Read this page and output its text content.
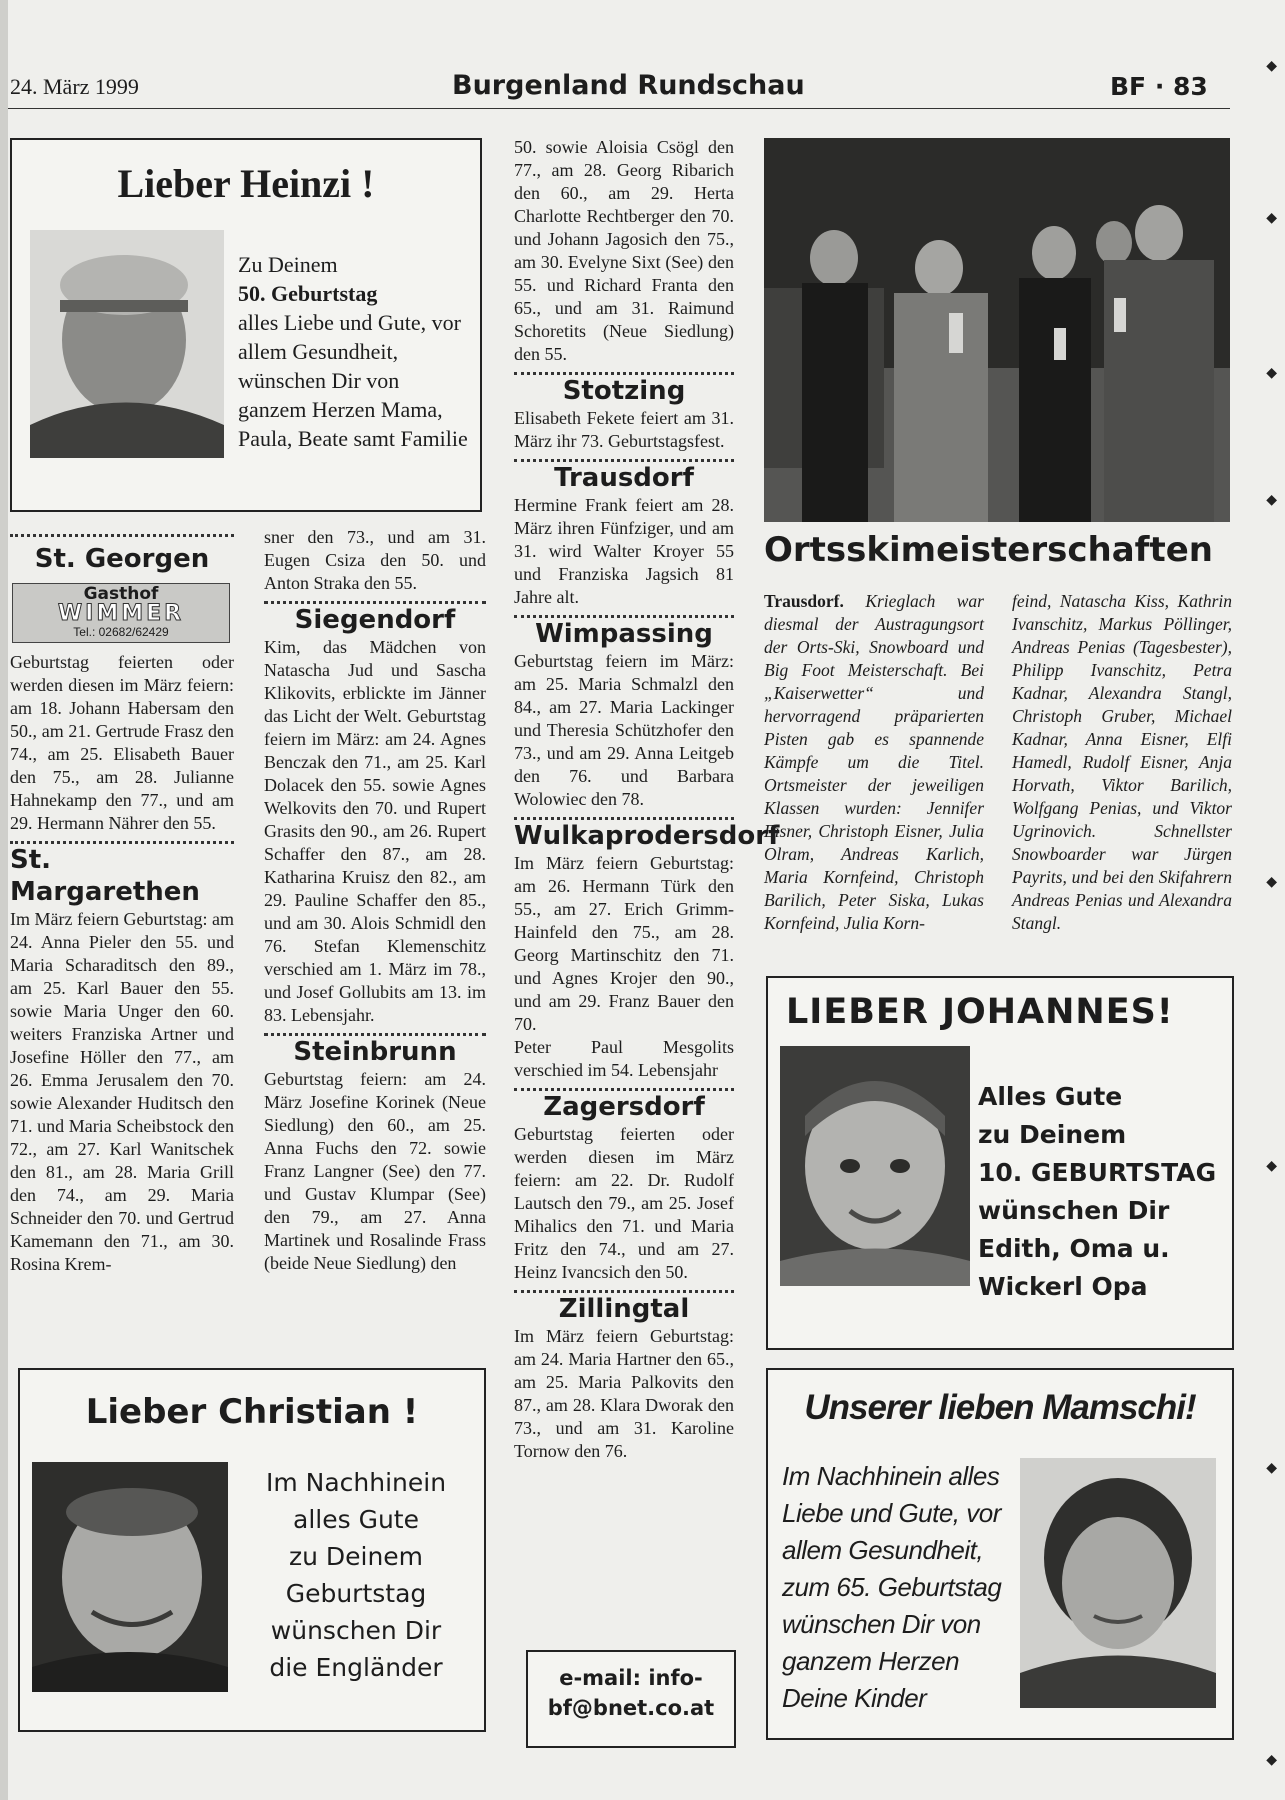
24. März 1999	Burgenland Rundschau	BF · 83
◆
◆
◆
◆
◆
◆
◆
◆
Lieber Heinzi !

Zu Deinem

50. Geburtstag

alles Liebe und Gute, vor allem Gesundheit, wünschen Dir von ganzem Herzen Mama, Paula, Beate samt Familie

St. Georgen
Gasthof
WIMMER
Tel.: 02682/62429

Geburtstag feierten oder werden diesen im März feiern: am 18. Johann Habersam den 50., am 21. Gertrude Frasz den 74., am 25. Elisabeth Bauer den 75., am 28. Julianne Hahnekamp den 77., und am 29. Hermann Nährer den 55.

St. Margarethen

Im März feiern Geburtstag: am 24. Anna Pieler den 55. und Maria Scharaditsch den 89., am 25. Karl Bauer den 55. sowie Maria Unger den 60. weiters Franziska Artner und Josefine Höller den 77., am 26. Emma Jerusalem den 70. sowie Alexander Huditsch den 71. und Maria Scheibstock den 72., am 27. Karl Wanitschek den 81., am 28. Maria Grill den 74., am 29. Maria Schneider den 70. und Gertrud Kamemann den 71., am 30. Rosina Krem-

sner den 73., und am 31. Eugen Csiza den 50. und Anton Straka den 55.

Siegendorf

Kim, das Mädchen von Natascha Jud und Sascha Klikovits, erblickte im Jänner das Licht der Welt. Geburtstag feiern im März: am 24. Agnes Benczak den 71., am 25. Karl Dolacek den 55. sowie Agnes Welkovits den 70. und Rupert Grasits den 90., am 26. Rupert Schaffer den 87., am 28. Katharina Kruisz den 82., am 29. Pauline Schaffer den 85., und am 30. Alois Schmidl den 76. Stefan Klemenschitz verschied am 1. März im 78., und Josef Gollubits am 13. im 83. Lebensjahr.

Steinbrunn

Geburtstag feiern: am 24. März Josefine Korinek (Neue Siedlung) den 60., am 25. Anna Fuchs den 72. sowie Franz Langner (See) den 77. und Gustav Klumpar (See) den 79., am 27. Anna Martinek und Rosalinde Frass (beide Neue Siedlung) den

Lieber Christian !

Im Nachhinein

alles Gute

zu Deinem

Geburtstag

wünschen Dir

die Engländer

50. sowie Aloisia Csögl den 77., am 28. Georg Ribarich den 60., am 29. Herta Charlotte Rechtberger den 70. und Johann Jagosich den 75., am 30. Evelyne Sixt (See) den 55. und Richard Franta den 65., und am 31. Raimund Schoretits (Neue Siedlung) den 55.

Stotzing

Elisabeth Fekete feiert am 31. März ihr 73. Geburtstagsfest.

Trausdorf

Hermine Frank feiert am 28. März ihren Fünfziger, und am 31. wird Walter Kroyer 55 und Franziska Jagsich 81 Jahre alt.

Wimpassing

Geburtstag feiern im März: am 25. Maria Schmalzl den 84., am 27. Maria Lackinger und Theresia Schützhofer den 73., und am 29. Anna Leitgeb den 76. und Barbara Wolowiec den 78.

Wulkaprodersdorf

Im März feiern Geburtstag: am 26. Hermann Türk den 55., am 27. Erich Grimm-Hainfeld den 75., am 28. Georg Martinschitz den 71. und Agnes Krojer den 90., und am 29. Franz Bauer den 70.

Peter Paul Mesgolits verschied im 54. Lebensjahr

Zagersdorf

Geburtstag feierten oder werden diesen im März feiern: am 22. Dr. Rudolf Lautsch den 79., am 25. Josef Mihalics den 71. und Maria Fritz den 74., und am 27. Heinz Ivancsich den 50.

Zillingtal

Im März feiern Geburtstag: am 24. Maria Hartner den 65., am 25. Maria Palkovits den 87., am 28. Klara Dworak den 73., und am 31. Karoline Tornow den 76.

e-mail: info-
bf@bnet.co.at
Ortsskimeisterschaften
Trausdorf. Krieglach war diesmal der Austragungsort der Orts-Ski, Snowboard und Big Foot Meisterschaft. Bei „Kaiserwetter“ und hervorragend präparierten Pisten gab es spannende Kämpfe um die Titel. Ortsmeister der jeweiligen Klassen wurden: Jennifer Eisner, Christoph Eisner, Julia Olram, Andreas Karlich, Maria Kornfeind, Christoph Barilich, Peter Siska, Lukas Kornfeind, Julia Korn-
feind, Natascha Kiss, Kathrin Ivanschitz, Markus Pöllinger, Andreas Penias (Tagesbester), Philipp Ivanschitz, Petra Kadnar, Alexandra Stangl, Christoph Gruber, Michael Kadnar, Anna Eisner, Elfi Hamedl, Rudolf Eisner, Anja Horvath, Viktor Barilich, Wolfgang Penias, und Viktor Ugrinovich. Schnellster Snowboarder war Jürgen Payrits, und bei den Skifahrern Andreas Penias und Alexandra Stangl.
LIEBER JOHANNES!

Alles Gute

zu Deinem

10. GEBURTSTAG

wünschen Dir

Edith, Oma u.

Wickerl Opa

Unserer lieben Mamschi!

Im Nachhinein alles

Liebe und Gute, vor

allem Gesundheit,

zum 65. Geburtstag

wünschen Dir von

ganzem Herzen

Deine Kinder
